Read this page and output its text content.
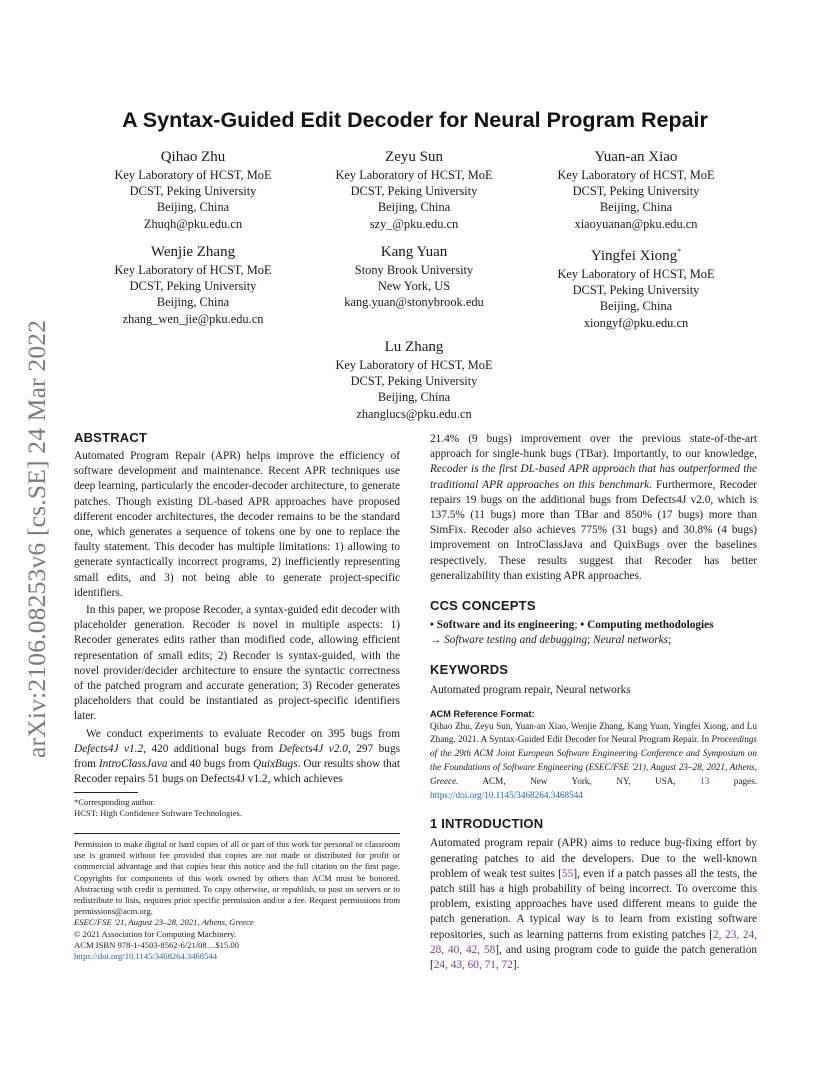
arXiv:2106.08253v6 [cs.SE] 24 Mar 2022
A Syntax-Guided Edit Decoder for Neural Program Repair
Qihao Zhu
Key Laboratory of HCST, MoE
DCST, Peking University
Beijing, China
Zhuqh@pku.edu.cn
Zeyu Sun
Key Laboratory of HCST, MoE
DCST, Peking University
Beijing, China
szy_@pku.edu.cn
Yuan-an Xiao
Key Laboratory of HCST, MoE
DCST, Peking University
Beijing, China
xiaoyuanan@pku.edu.cn
Wenjie Zhang
Key Laboratory of HCST, MoE
DCST, Peking University
Beijing, China
zhang_wen_jie@pku.edu.cn
Kang Yuan
Stony Brook University
New York, US
kang.yuan@stonybrook.edu
Yingfei Xiong*
Key Laboratory of HCST, MoE
DCST, Peking University
Beijing, China
xiongyf@pku.edu.cn
Lu Zhang
Key Laboratory of HCST, MoE
DCST, Peking University
Beijing, China
zhanglucs@pku.edu.cn
ABSTRACT

Automated Program Repair (APR) helps improve the efficiency of software development and maintenance. Recent APR techniques use deep learning, particularly the encoder-decoder architecture, to generate patches. Though existing DL-based APR approaches have proposed different encoder architectures, the decoder remains to be the standard one, which generates a sequence of tokens one by one to replace the faulty statement. This decoder has multiple limitations: 1) allowing to generate syntactically incorrect programs, 2) inefficiently representing small edits, and 3) not being able to generate project-specific identifiers.

In this paper, we propose Recoder, a syntax-guided edit decoder with placeholder generation. Recoder is novel in multiple aspects: 1) Recoder generates edits rather than modified code, allowing efficient representation of small edits; 2) Recoder is syntax-guided, with the novel provider/decider architecture to ensure the syntactic correctness of the patched program and accurate generation; 3) Recoder generates placeholders that could be instantiated as project-specific identifiers later.

We conduct experiments to evaluate Recoder on 395 bugs from Defects4J v1.2, 420 additional bugs from Defects4J v2.0, 297 bugs from IntroClassJava and 40 bugs from QuixBugs. Our results show that Recoder repairs 51 bugs on Defects4J v1.2, which achieves

*Corresponding author.
HCST: High Confidence Software Technologies.
Permission to make digital or hard copies of all or part of this work for personal or classroom use is granted without fee provided that copies are not made or distributed for profit or commercial advantage and that copies bear this notice and the full citation on the first page. Copyrights for components of this work owned by others than ACM must be honored. Abstracting with credit is permitted. To copy otherwise, or republish, to post on servers or to redistribute to lists, requires prior specific permission and/or a fee. Request permissions from permissions@acm.org.
ESEC/FSE '21, August 23–28, 2021, Athens, Greece
© 2021 Association for Computing Machinery.
ACM ISBN 978-1-4503-8562-6/21/08…$15.00
https://doi.org/10.1145/3468264.3468544

21.4% (9 bugs) improvement over the previous state-of-the-art approach for single-hunk bugs (TBar). Importantly, to our knowledge, Recoder is the first DL-based APR approach that has outperformed the traditional APR approaches on this benchmark. Furthermore, Recoder repairs 19 bugs on the additional bugs from Defects4J v2.0, which is 137.5% (11 bugs) more than TBar and 850% (17 bugs) more than SimFix. Recoder also achieves 775% (31 bugs) and 30.8% (4 bugs) improvement on IntroClassJava and QuixBugs over the baselines respectively. These results suggest that Recoder has better generalizability than existing APR approaches.

CCS CONCEPTS

• Software and its engineering; • Computing methodologies
→ Software testing and debugging; Neural networks;

KEYWORDS

Automated program repair, Neural networks

ACM Reference Format:

Qihao Zhu, Zeyu Sun, Yuan-an Xiao, Wenjie Zhang, Kang Yuan, Yingfei Xiong, and Lu Zhang. 2021. A Syntax-Guided Edit Decoder for Neural Program Repair. In Proceedings of the 29th ACM Joint European Software Engineering Conference and Symposium on the Foundations of Software Engineering (ESEC/FSE '21), August 23–28, 2021, Athens, Greece. ACM, New York, NY, USA, 13 pages. https://doi.org/10.1145/3468264.3468544

1 INTRODUCTION

Automated program repair (APR) aims to reduce bug-fixing effort by generating patches to aid the developers. Due to the well-known problem of weak test suites [55], even if a patch passes all the tests, the patch still has a high probability of being incorrect. To overcome this problem, existing approaches have used different means to guide the patch generation. A typical way is to learn from existing software repositories, such as learning patterns from existing patches [2, 23, 24, 28, 40, 42, 58], and using program code to guide the patch generation [24, 43, 60, 71, 72].
